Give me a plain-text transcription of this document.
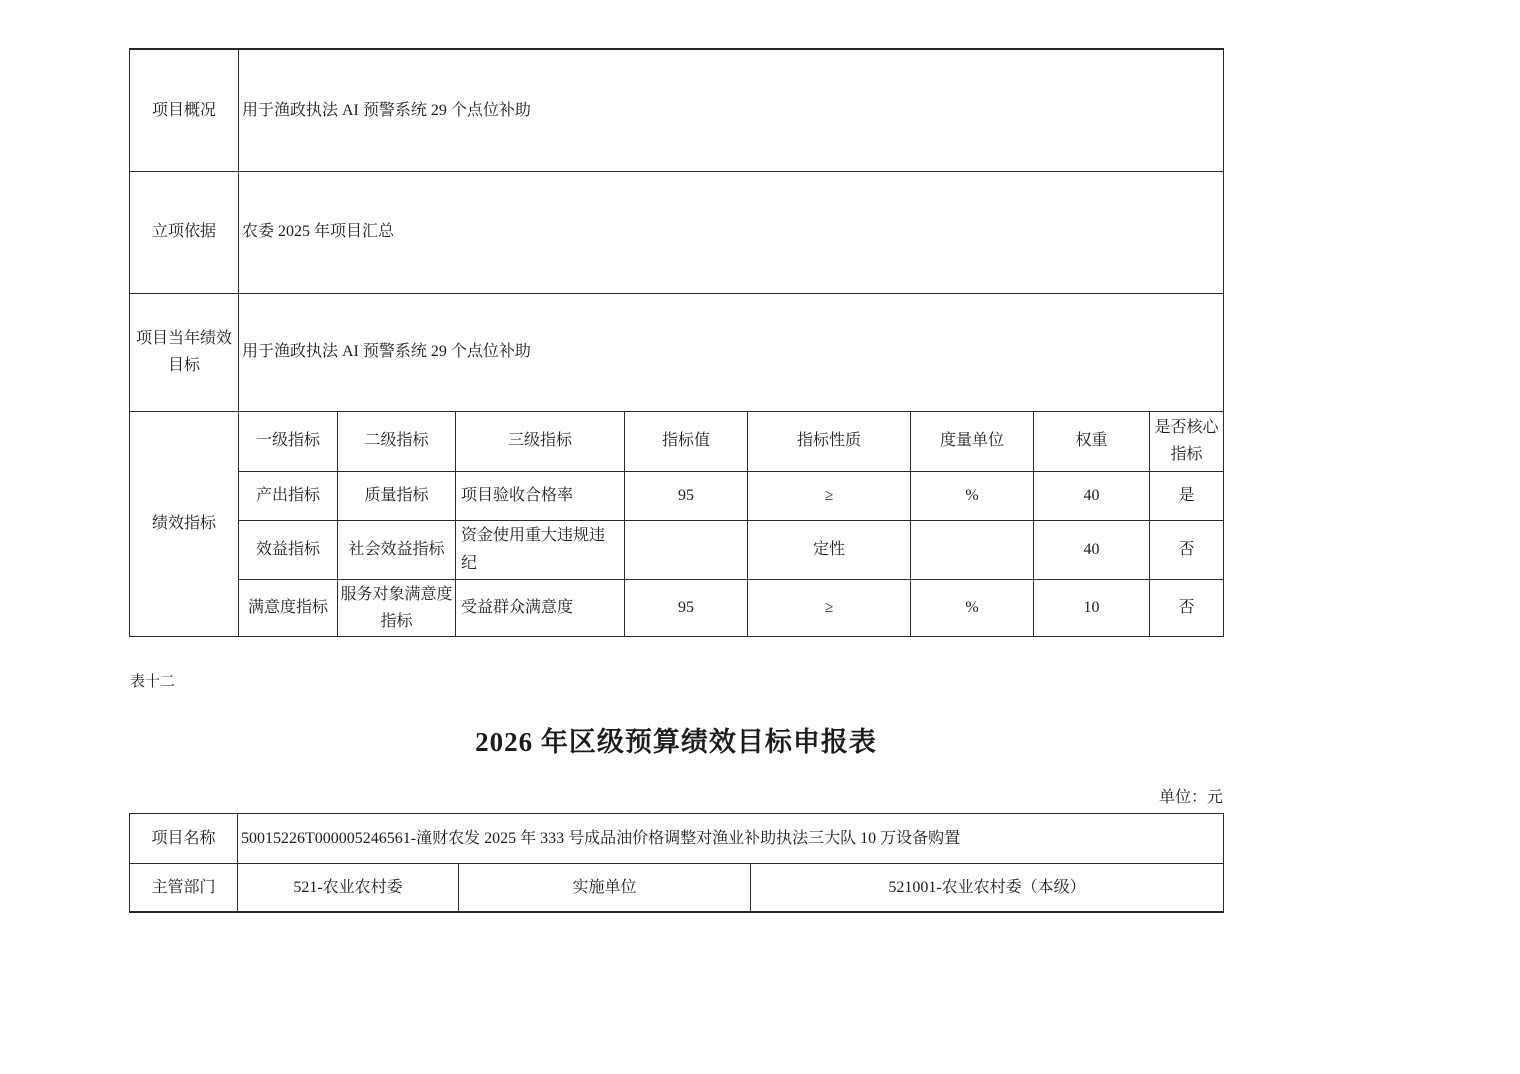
项目概况	用于渔政执法 AI 预警系统 29 个点位补助							
立项依据	农委 2025 年项目汇总							
项目当年绩效目标	用于渔政执法 AI 预警系统 29 个点位补助							
绩效指标	一级指标	二级指标	三级指标	指标值	指标性质	度量单位	权重	是否核心指标
	产出指标	质量指标	项目验收合格率	95	≥	%	40	是
	效益指标	社会效益指标	资金使用重大违规违纪		定性		40	否
	满意度指标	服务对象满意度指标	受益群众满意度	95	≥	%	10	否
表十二
2026 年区级预算绩效目标申报表
单位：元
项目名称	50015226T000005246561-潼财农发 2025 年 333 号成品油价格调整对渔业补助执法三大队 10 万设备购置		
主管部门	521-农业农村委	实施单位	521001-农业农村委（本级）
